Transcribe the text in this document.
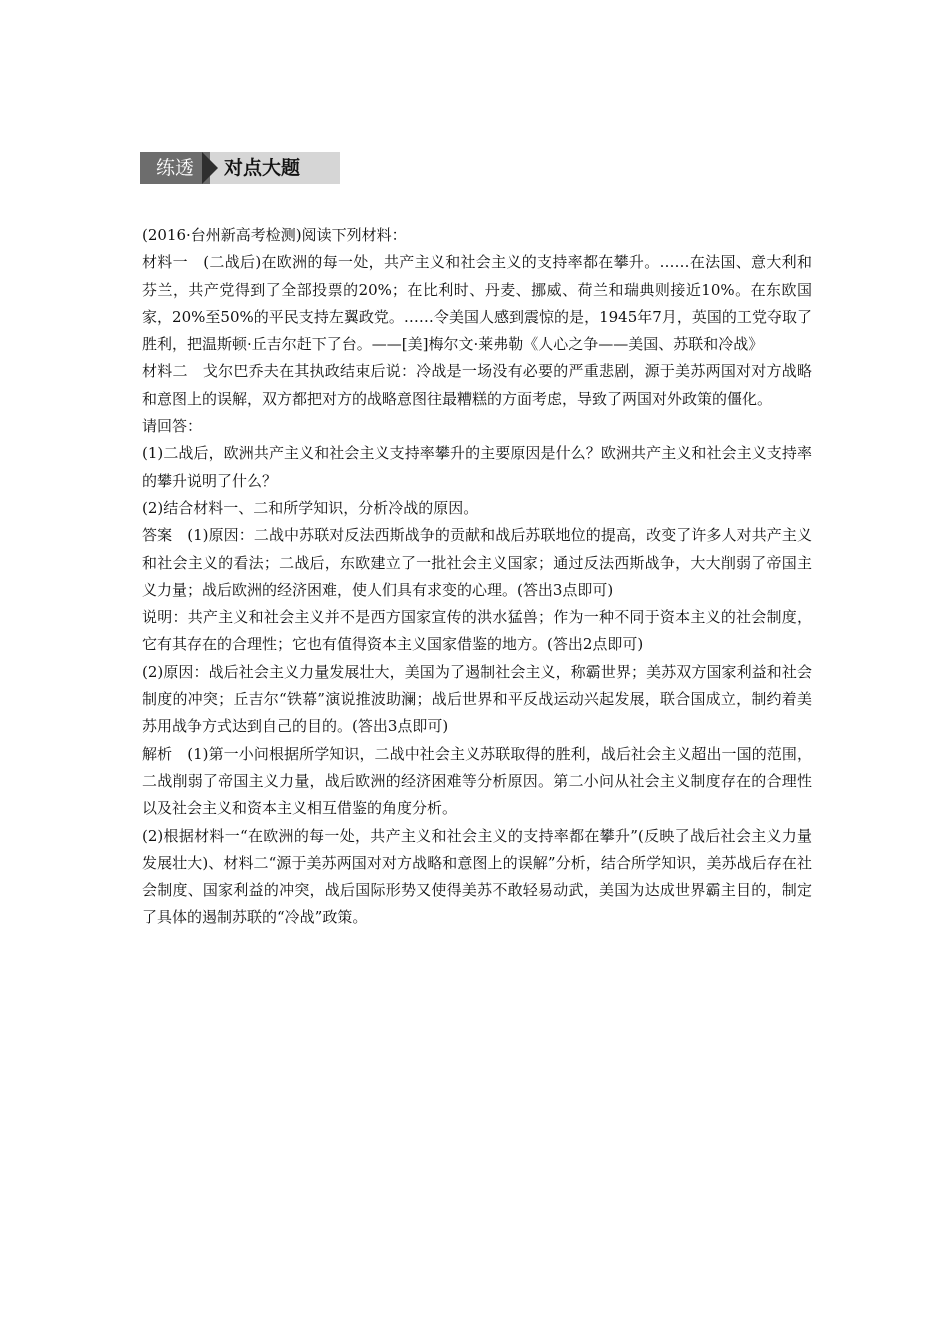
练透	对点大题

(2016·台州新高考检测)阅读下列材料：

材料一　(二战后)在欧洲的每一处，共产主义和社会主义的支持率都在攀升。……在法国、意大利和芬兰，共产党得到了全部投票的20%；在比利时、丹麦、挪威、荷兰和瑞典则接近10%。在东欧国家，20%至50%的平民支持左翼政党。……令美国人感到震惊的是，1945年7月，英国的工党夺取了胜利，把温斯顿·丘吉尔赶下了台。——[美]梅尔文·莱弗勒《人心之争——美国、苏联和冷战》

材料二　戈尔巴乔夫在其执政结束后说：冷战是一场没有必要的严重悲剧，源于美苏两国对对方战略和意图上的误解，双方都把对方的战略意图往最糟糕的方面考虑，导致了两国对外政策的僵化。

请回答：

(1)二战后，欧洲共产主义和社会主义支持率攀升的主要原因是什么？欧洲共产主义和社会主义支持率的攀升说明了什么？

(2)结合材料一、二和所学知识，分析冷战的原因。

答案　(1)原因：二战中苏联对反法西斯战争的贡献和战后苏联地位的提高，改变了许多人对共产主义和社会主义的看法；二战后，东欧建立了一批社会主义国家；通过反法西斯战争，大大削弱了帝国主义力量；战后欧洲的经济困难，使人们具有求变的心理。(答出3点即可)

说明：共产主义和社会主义并不是西方国家宣传的洪水猛兽；作为一种不同于资本主义的社会制度，它有其存在的合理性；它也有值得资本主义国家借鉴的地方。(答出2点即可)

(2)原因：战后社会主义力量发展壮大，美国为了遏制社会主义，称霸世界；美苏双方国家利益和社会制度的冲突；丘吉尔“铁幕”演说推波助澜；战后世界和平反战运动兴起发展，联合国成立，制约着美苏用战争方式达到自己的目的。(答出3点即可)

解析　(1)第一小问根据所学知识，二战中社会主义苏联取得的胜利，战后社会主义超出一国的范围，二战削弱了帝国主义力量，战后欧洲的经济困难等分析原因。第二小问从社会主义制度存在的合理性以及社会主义和资本主义相互借鉴的角度分析。

(2)根据材料一“在欧洲的每一处，共产主义和社会主义的支持率都在攀升”(反映了战后社会主义力量发展壮大)、材料二“源于美苏两国对对方战略和意图上的误解”分析，结合所学知识，美苏战后存在社会制度、国家利益的冲突，战后国际形势又使得美苏不敢轻易动武，美国为达成世界霸主目的，制定了具体的遏制苏联的“冷战”政策。
